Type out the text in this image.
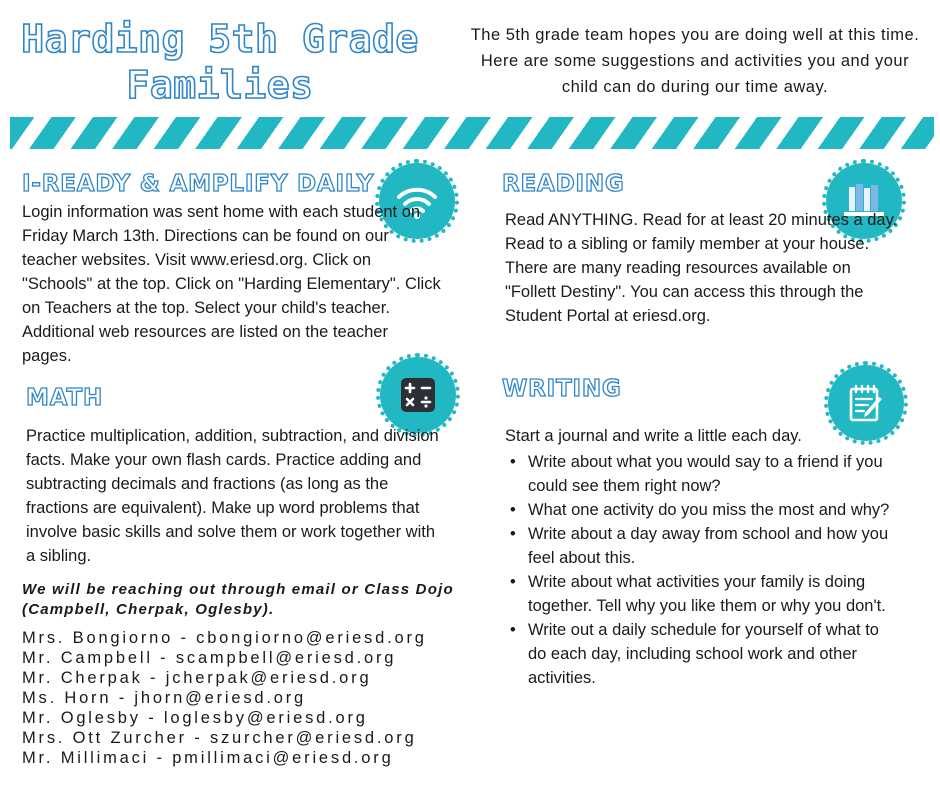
Harding 5th Grade
Families

The 5th grade team hopes you are doing well at this time. Here are some suggestions and activities you and your child can do during our time away.

I-READY & AMPLIFY DAILY

Login information was sent home with each student on Friday March 13th. Directions can be found on our teacher websites. Visit www.eriesd.org. Click on "Schools" at the top. Click on "Harding Elementary". Click on Teachers at the top. Select your child's teacher. Additional web resources are listed on the teacher pages.

READING

Read ANYTHING. Read for at least 20 minutes a day. Read to a sibling or family member at your house. There are many reading resources available on "Follett Destiny". You can access this through the Student Portal at eriesd.org.

MATH

Practice multiplication, addition, subtraction, and division facts. Make your own flash cards. Practice adding and subtracting decimals and fractions (as long as the fractions are equivalent). Make up word problems that involve basic skills and solve them or work together with a sibling.

WRITING

Start a journal and write a little each day.

• Write about what you would say to a friend if you could see them right now?
• What one activity do you miss the most and why?
• Write about a day away from school and how you feel about this.
• Write about what activities your family is doing together. Tell why you like them or why you don't.
• Write out a daily schedule for yourself of what to do each day, including school work and other activities.

We will be reaching out through email or Class Dojo (Campbell, Cherpak, Oglesby).

Mrs. Bongiorno - cbongiorno@eriesd.org
Mr. Campbell - scampbell@eriesd.org
Mr. Cherpak - jcherpak@eriesd.org
Ms. Horn - jhorn@eriesd.org
Mr. Oglesby - loglesby@eriesd.org
Mrs. Ott Zurcher - szurcher@eriesd.org
Mr. Millimaci - pmillimaci@eriesd.org
